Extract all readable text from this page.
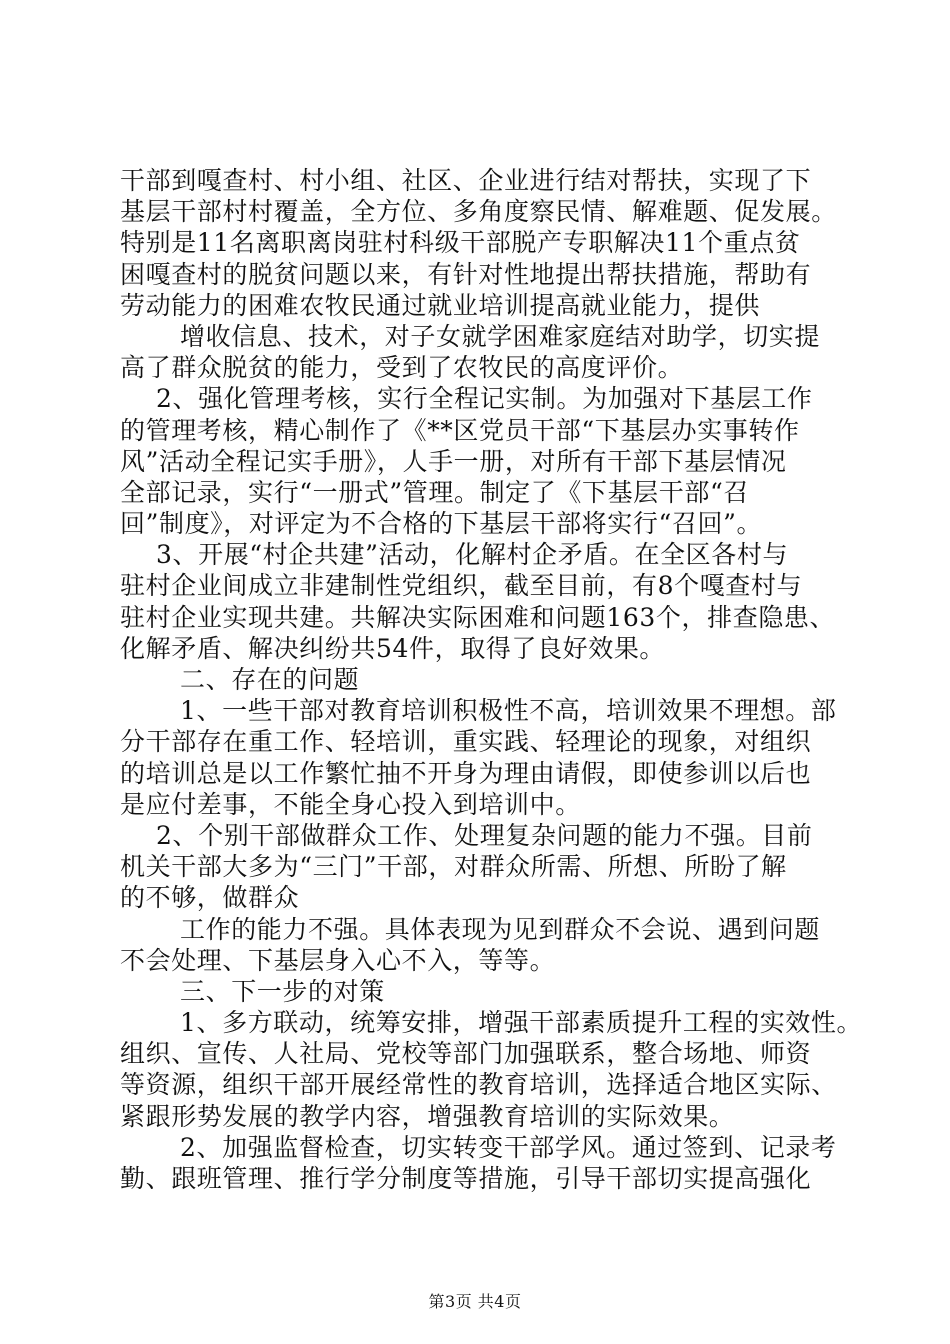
干部到嘎查村、村小组、社区、企业进行结对帮扶，实现了下
基层干部村村覆盖，全方位、多角度察民情、解难题、促发展。
特别是11名离职离岗驻村科级干部脱产专职解决11个重点贫
困嘎查村的脱贫问题以来，有针对性地提出帮扶措施，帮助有
劳动能力的困难农牧民通过就业培训提高就业能力，提供
增收信息、技术，对子女就学困难家庭结对助学，切实提
高了群众脱贫的能力，受到了农牧民的高度评价。
2、强化管理考核，实行全程记实制。为加强对下基层工作
的管理考核，精心制作了《**区党员干部“下基层办实事转作
风”活动全程记实手册》，人手一册，对所有干部下基层情况
全部记录，实行“一册式”管理。制定了《下基层干部“召
回”制度》，对评定为不合格的下基层干部将实行“召回”。
3、开展“村企共建”活动，化解村企矛盾。在全区各村与
驻村企业间成立非建制性党组织，截至目前，有8个嘎查村与
驻村企业实现共建。共解决实际困难和问题163个，排查隐患、
化解矛盾、解决纠纷共54件，取得了良好效果。
二、存在的问题
1、一些干部对教育培训积极性不高，培训效果不理想。部
分干部存在重工作、轻培训，重实践、轻理论的现象，对组织
的培训总是以工作繁忙抽不开身为理由请假，即使参训以后也
是应付差事，不能全身心投入到培训中。
2、个别干部做群众工作、处理复杂问题的能力不强。目前
机关干部大多为“三门”干部，对群众所需、所想、所盼了解
的不够，做群众
工作的能力不强。具体表现为见到群众不会说、遇到问题
不会处理、下基层身入心不入，等等。
三、下一步的对策
1、多方联动，统筹安排，增强干部素质提升工程的实效性。
组织、宣传、人社局、党校等部门加强联系，整合场地、师资
等资源，组织干部开展经常性的教育培训，选择适合地区实际、
紧跟形势发展的教学内容，增强教育培训的实际效果。
2、加强监督检查，切实转变干部学风。通过签到、记录考
勤、跟班管理、推行学分制度等措施，引导干部切实提高强化
第3页 共4页
